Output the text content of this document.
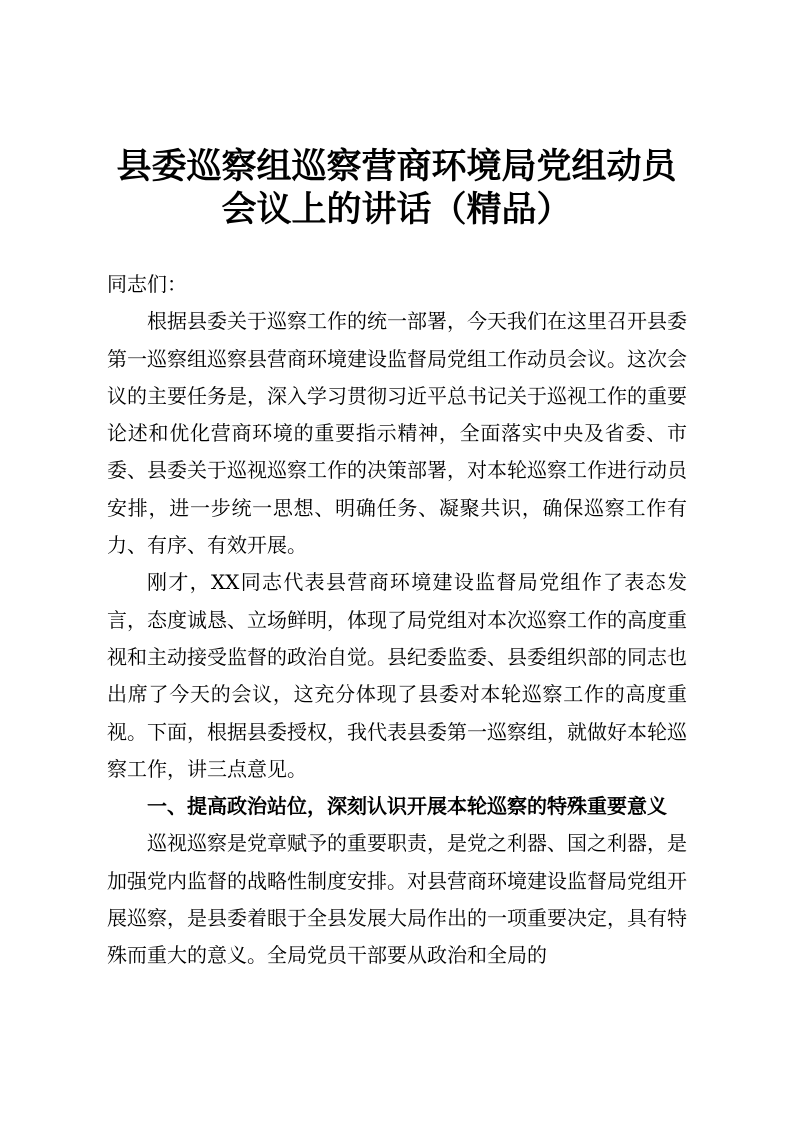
县委巡察组巡察营商环境局党组动员
会议上的讲话（精品）

同志们：

根据县委关于巡察工作的统一部署，今天我们在这里召开县委第一巡察组巡察县营商环境建设监督局党组工作动员会议。这次会议的主要任务是，深入学习贯彻习近平总书记关于巡视工作的重要论述和优化营商环境的重要指示精神，全面落实中央及省委、市委、县委关于巡视巡察工作的决策部署，对本轮巡察工作进行动员安排，进一步统一思想、明确任务、凝聚共识，确保巡察工作有力、有序、有效开展。

刚才，XX同志代表县营商环境建设监督局党组作了表态发言，态度诚恳、立场鲜明，体现了局党组对本次巡察工作的高度重视和主动接受监督的政治自觉。县纪委监委、县委组织部的同志也出席了今天的会议，这充分体现了县委对本轮巡察工作的高度重视。下面，根据县委授权，我代表县委第一巡察组，就做好本轮巡察工作，讲三点意见。

一、提高政治站位，深刻认识开展本轮巡察的特殊重要意义

巡视巡察是党章赋予的重要职责，是党之利器、国之利器，是加强党内监督的战略性制度安排。对县营商环境建设监督局党组开展巡察，是县委着眼于全县发展大局作出的一项重要决定，具有特殊而重大的意义。全局党员干部要从政治和全局的
